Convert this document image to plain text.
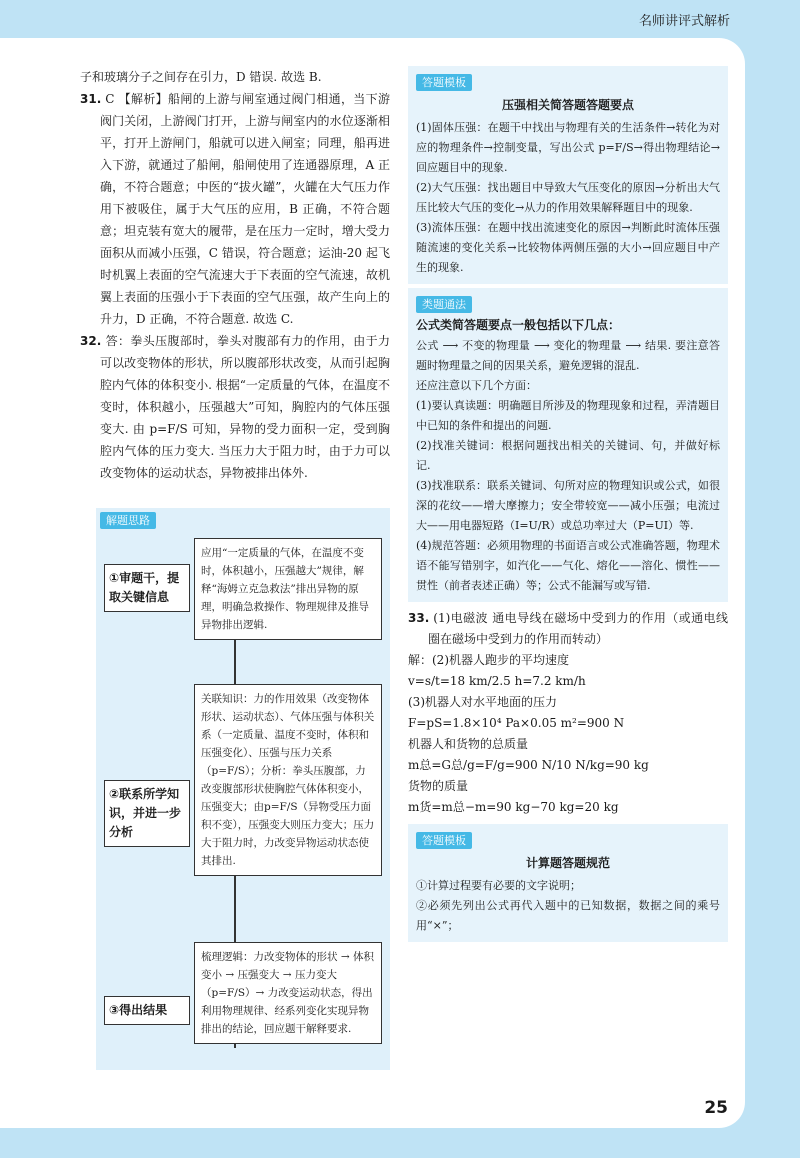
名师讲评式解析

子和玻璃分子之间存在引力，D 错误. 故选 B.

31. C 【解析】船闸的上游与闸室通过阀门相通，当下游阀门关闭，上游阀门打开，上游与闸室内的水位逐渐相平，打开上游闸门，船就可以进入闸室；同理，船再进入下游，就通过了船闸，船闸使用了连通器原理，A 正确，不符合题意；中医的“拔火罐”，火罐在大气压力作用下被吸住，属于大气压的应用，B 正确，不符合题意；坦克装有宽大的履带，是在压力一定时，增大受力面积从而减小压强，C 错误，符合题意；运油-20 起飞时机翼上表面的空气流速大于下表面的空气流速，故机翼上表面的压强小于下表面的空气压强，故产生向上的升力，D 正确，不符合题意. 故选 C.

32. 答：拳头压腹部时，拳头对腹部有力的作用，由于力可以改变物体的形状，所以腹部形状改变，从而引起胸腔内气体的体积变小. 根据“一定质量的气体，在温度不变时，体积越小，压强越大”可知，胸腔内的气体压强变大. 由 p=F/S 可知，异物的受力面积一定，受到胸腔内气体的压力变大. 当压力大于阻力时，由于力可以改变物体的运动状态，异物被排出体外.

解题思路
①审题干，提取关键信息
应用“一定质量的气体，在温度不变时，体积越小，压强越大”规律，解释“海姆立克急救法”排出异物的原理，明确急救操作、物理规律及推导异物排出逻辑.
②联系所学知识，并进一步分析
关联知识：力的作用效果（改变物体形状、运动状态）、气体压强与体积关系（一定质量、温度不变时，体积和压强变化）、压强与压力关系（p=F/S）；分析：拳头压腹部，力改变腹部形状使胸腔气体体积变小，压强变大；由p=F/S（异物受压力面积不变），压强变大则压力变大；压力大于阻力时，力改变异物运动状态使其排出.
③得出结果
梳理逻辑：力改变物体的形状 → 体积变小 → 压强变大 → 压力变大（p=F/S）→ 力改变运动状态，得出利用物理规律、经系列变化实现异物排出的结论，回应题干解释要求.
答题模板
压强相关简答题答题要点

(1)固体压强：在题干中找出与物理有关的生活条件→转化为对应的物理条件→控制变量，写出公式 p=F/S→得出物理结论→回应题目中的现象.

(2)大气压强：找出题目中导致大气压变化的原因→分析出大气压比较大气压的变化→从力的作用效果解释题目中的现象.

(3)流体压强：在题中找出流速变化的原因→判断此时流体压强随流速的变化关系→比较物体两侧压强的大小→回应题目中产生的现象.

类题通法
公式类简答题要点一般包括以下几点：

公式 ⟶ 不变的物理量 ⟶ 变化的物理量 ⟶ 结果. 要注意答题时物理量之间的因果关系，避免逻辑的混乱.

还应注意以下几个方面：

(1)要认真读题：明确题目所涉及的物理现象和过程，弄清题目中已知的条件和提出的问题.

(2)找准关键词：根据问题找出相关的关键词、句，并做好标记.

(3)找准联系：联系关键词、句所对应的物理知识或公式，如很深的花纹——增大摩擦力；安全带较宽——减小压强；电流过大——用电器短路（I=U/R）或总功率过大（P=UI）等.

(4)规范答题：必须用物理的书面语言或公式准确答题，物理术语不能写错别字，如汽化——气化、熔化——溶化、惯性——贯性（前者表述正确）等；公式不能漏写或写错.

33. (1)电磁波 通电导线在磁场中受到力的作用（或通电线圈在磁场中受到力的作用而转动）

解：(2)机器人跑步的平均速度

v=s/t=18 km/2.5 h=7.2 km/h

(3)机器人对水平地面的压力

F=pS=1.8×10⁴ Pa×0.05 m²=900 N

机器人和货物的总质量

m总=G总/g=F/g=900 N/10 N/kg=90 kg

货物的质量

m货=m总−m=90 kg−70 kg=20 kg

答题模板
计算题答题规范

①计算过程要有必要的文字说明；

②必须先列出公式再代入题中的已知数据，数据之间的乘号用“×”；

25
